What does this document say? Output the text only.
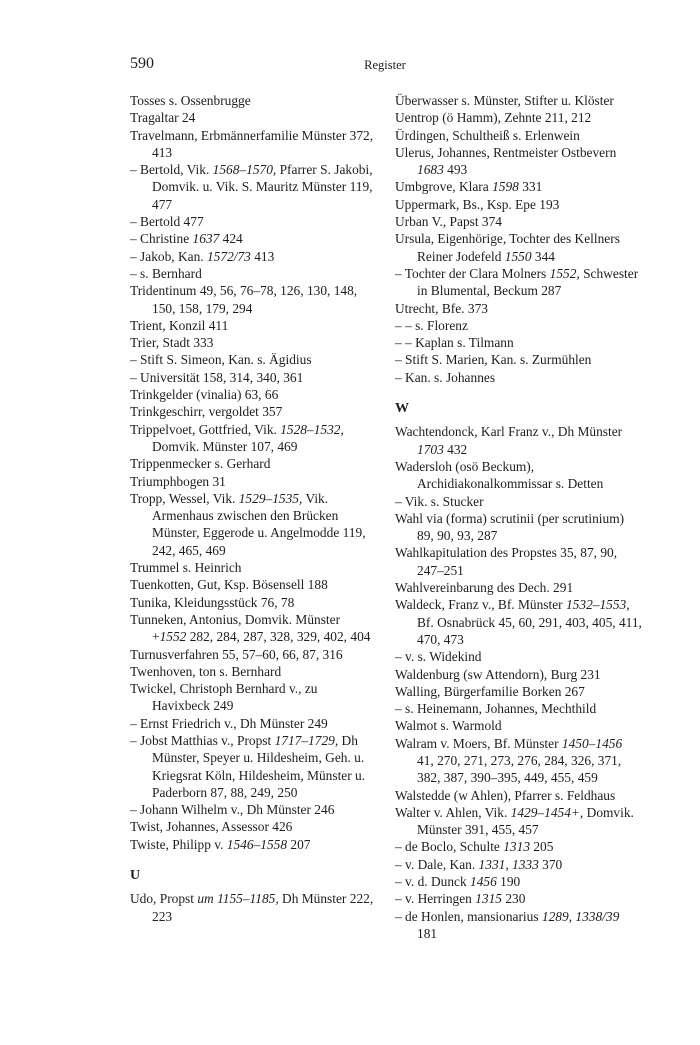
590	Register

Tosses s. Ossenbrugge

Tragaltar 24

Travelmann, Erbmännerfamilie Münster 372, 413

– Bertold, Vik. 1568–1570, Pfarrer S. Jakobi, Domvik. u. Vik. S. Mauritz Münster 119, 477

– Bertold 477

– Christine 1637 424

– Jakob, Kan. 1572/73 413

– s. Bernhard

Tridentinum 49, 56, 76–78, 126, 130, 148, 150, 158, 179, 294

Trient, Konzil 411

Trier, Stadt 333

– Stift S. Simeon, Kan. s. Ägidius

– Universität 158, 314, 340, 361

Trinkgelder (vinalia) 63, 66

Trinkgeschirr, vergoldet 357

Trippelvoet, Gottfried, Vik. 1528–1532, Domvik. Münster 107, 469

Trippenmecker s. Gerhard

Triumphbogen 31

Tropp, Wessel, Vik. 1529–1535, Vik. Armenhaus zwischen den Brücken Münster, Eggerode u. Angelmodde 119, 242, 465, 469

Trummel s. Heinrich

Tuenkotten, Gut, Ksp. Bösensell 188

Tunika, Kleidungsstück 76, 78

Tunneken, Antonius, Domvik. Münster +1552 282, 284, 287, 328, 329, 402, 404

Turnusverfahren 55, 57–60, 66, 87, 316

Twenhoven, ton s. Bernhard

Twickel, Christoph Bernhard v., zu Havixbeck 249

– Ernst Friedrich v., Dh Münster 249

– Jobst Matthias v., Propst 1717–1729, Dh Münster, Speyer u. Hildesheim, Geh. u. Kriegsrat Köln, Hildesheim, Münster u. Paderborn 87, 88, 249, 250

– Johann Wilhelm v., Dh Münster 246

Twist, Johannes, Assessor 426

Twiste, Philipp v. 1546–1558 207

U

Udo, Propst um 1155–1185, Dh Münster 222, 223

Überwasser s. Münster, Stifter u. Klöster

Uentrop (ö Hamm), Zehnte 211, 212

Ürdingen, Schultheiß s. Erlenwein

Ulerus, Johannes, Rentmeister Ostbevern 1683 493

Umbgrove, Klara 1598 331

Uppermark, Bs., Ksp. Epe 193

Urban V., Papst 374

Ursula, Eigenhörige, Tochter des Kellners Reiner Jodefeld 1550 344

– Tochter der Clara Molners 1552, Schwester in Blumental, Beckum 287

Utrecht, Bfe. 373

– – s. Florenz

– – Kaplan s. Tilmann

– Stift S. Marien, Kan. s. Zurmühlen

– Kan. s. Johannes

W

Wachtendonck, Karl Franz v., Dh Münster 1703 432

Wadersloh (osö Beckum), Archidiakonalkommissar s. Detten

– Vik. s. Stucker

Wahl via (forma) scrutinii (per scrutinium) 89, 90, 93, 287

Wahlkapitulation des Propstes 35, 87, 90, 247–251

Wahlvereinbarung des Dech. 291

Waldeck, Franz v., Bf. Münster 1532–1553, Bf. Osnabrück 45, 60, 291, 403, 405, 411, 470, 473

– v. s. Widekind

Waldenburg (sw Attendorn), Burg 231

Walling, Bürgerfamilie Borken 267

– s. Heinemann, Johannes, Mechthild

Walmot s. Warmold

Walram v. Moers, Bf. Münster 1450–1456 41, 270, 271, 273, 276, 284, 326, 371, 382, 387, 390–395, 449, 455, 459

Walstedde (w Ahlen), Pfarrer s. Feldhaus

Walter v. Ahlen, Vik. 1429–1454+, Domvik. Münster 391, 455, 457

– de Boclo, Schulte 1313 205

– v. Dale, Kan. 1331, 1333 370

– v. d. Dunck 1456 190

– v. Herringen 1315 230

– de Honlen, mansionarius 1289, 1338/39 181
